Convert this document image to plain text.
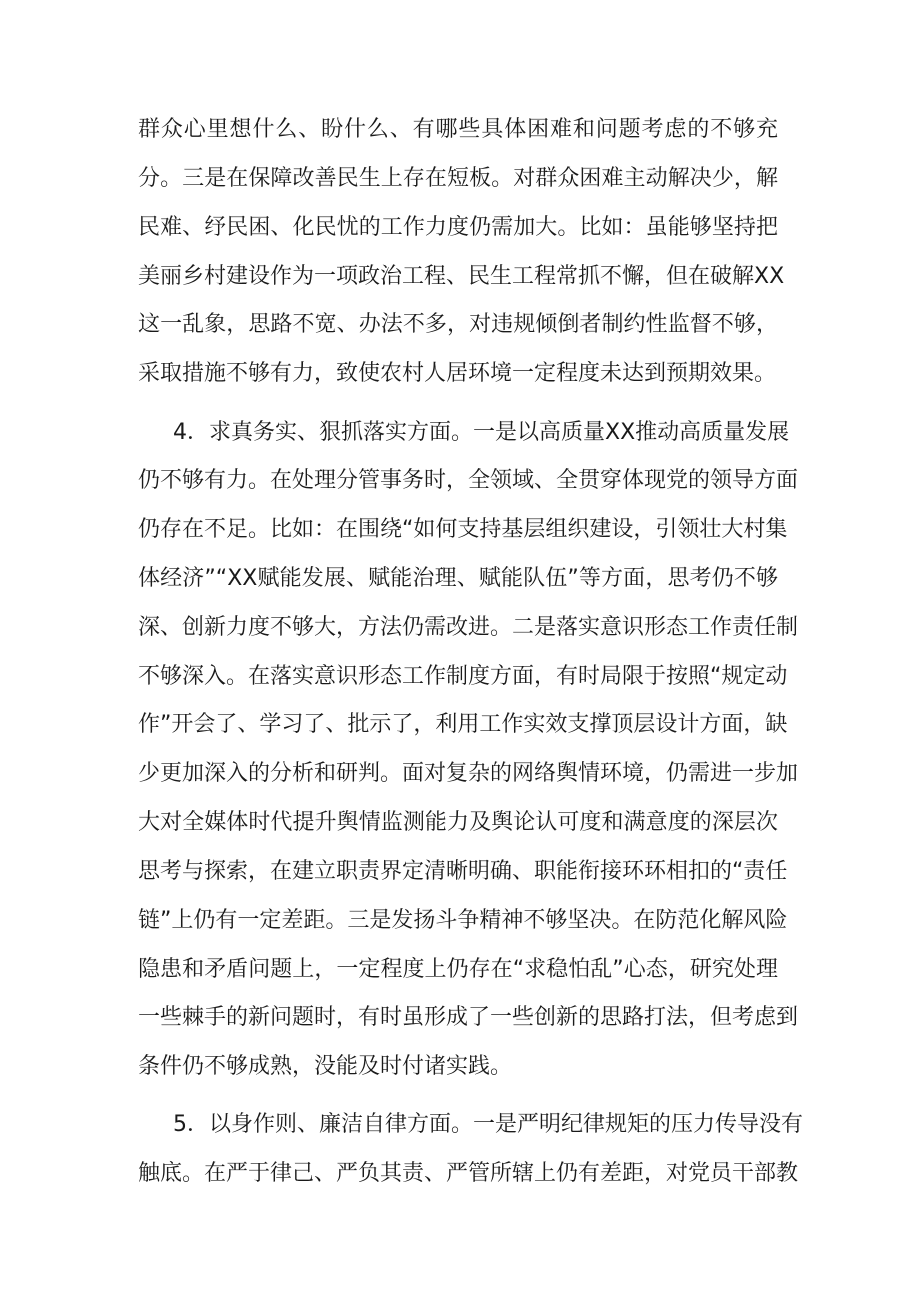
群众心里想什么、盼什么、有哪些具体困难和问题考虑的不够充
分。三是在保障改善民生上存在短板。对群众困难主动解决少，解
民难、纾民困、化民忧的工作力度仍需加大。比如：虽能够坚持把
美丽乡村建设作为一项政治工程、民生工程常抓不懈，但在破解XX
这一乱象，思路不宽、办法不多，对违规倾倒者制约性监督不够，
采取措施不够有力，致使农村人居环境一定程度未达到预期效果。
4．求真务实、狠抓落实方面。一是以高质量XX推动高质量发展
仍不够有力。在处理分管事务时，全领域、全贯穿体现党的领导方面
仍存在不足。比如：在围绕“如何支持基层组织建设，引领壮大村集
体经济”“XX赋能发展、赋能治理、赋能队伍”等方面，思考仍不够
深、创新力度不够大，方法仍需改进。二是落实意识形态工作责任制
不够深入。在落实意识形态工作制度方面，有时局限于按照“规定动
作”开会了、学习了、批示了，利用工作实效支撑顶层设计方面，缺
少更加深入的分析和研判。面对复杂的网络舆情环境，仍需进一步加
大对全媒体时代提升舆情监测能力及舆论认可度和满意度的深层次
思考与探索，在建立职责界定清晰明确、职能衔接环环相扣的“责任
链”上仍有一定差距。三是发扬斗争精神不够坚决。在防范化解风险
隐患和矛盾问题上，一定程度上仍存在“求稳怕乱”心态，研究处理
一些棘手的新问题时，有时虽形成了一些创新的思路打法，但考虑到
条件仍不够成熟，没能及时付诸实践。
5．以身作则、廉洁自律方面。一是严明纪律规矩的压力传导没有
触底。在严于律己、严负其责、严管所辖上仍有差距，对党员干部教
